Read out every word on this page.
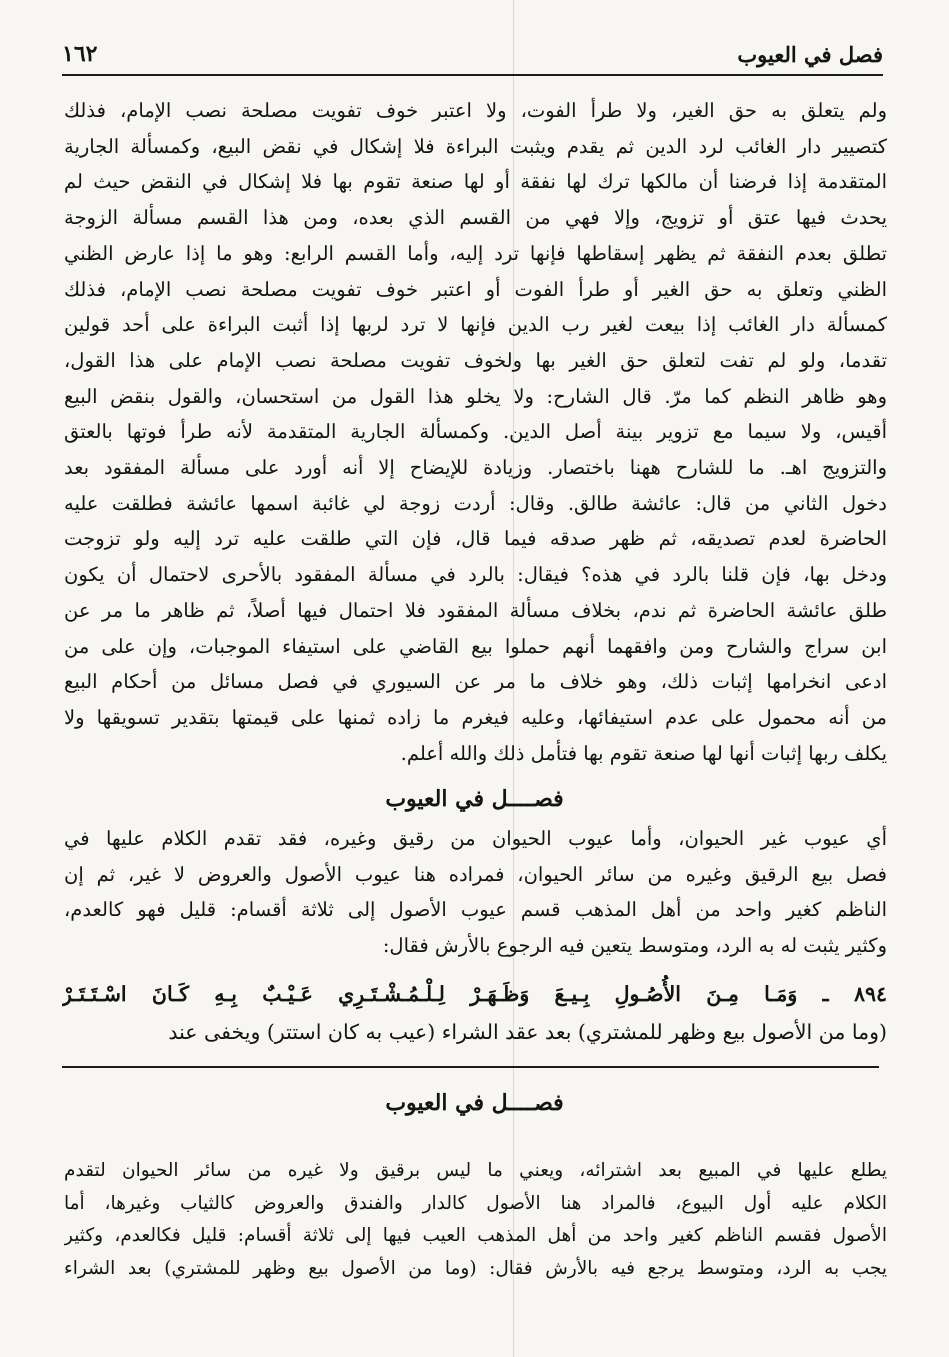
فصل في العيوب
١٦٢
ولم يتعلق به حق الغير، ولا طرأ الفوت، ولا اعتبر خوف تفويت مصلحة نصب الإمام، فذلك
كتصيير دار الغائب لرد الدين ثم يقدم ويثبت البراءة فلا إشكال في نقض البيع، وكمسألة الجارية
المتقدمة إذا فرضنا أن مالكها ترك لها نفقة أو لها صنعة تقوم بها فلا إشكال في النقض حيث لم
يحدث فيها عتق أو تزويج، وإلا فهي من القسم الذي بعده، ومن هذا القسم مسألة الزوجة
تطلق بعدم النفقة ثم يظهر إسقاطها فإنها ترد إليه، وأما القسم الرابع: وهو ما إذا عارض الظني
الظني وتعلق به حق الغير أو طرأ الفوت أو اعتبر خوف تفويت مصلحة نصب الإمام، فذلك
كمسألة دار الغائب إذا بيعت لغير رب الدين فإنها لا ترد لربها إذا أثبت البراءة على أحد قولين
تقدما، ولو لم تفت لتعلق حق الغير بها ولخوف تفويت مصلحة نصب الإمام على هذا القول،
وهو ظاهر النظم كما مرّ. قال الشارح: ولا يخلو هذا القول من استحسان، والقول بنقض البيع
أقيس، ولا سيما مع تزوير بينة أصل الدين. وكمسألة الجارية المتقدمة لأنه طرأ فوتها بالعتق
والتزويج اهـ. ما للشارح ههنا باختصار. وزيادة للإيضاح إلا أنه أورد على مسألة المفقود بعد
دخول الثاني من قال: عائشة طالق. وقال: أردت زوجة لي غائبة اسمها عائشة فطلقت عليه
الحاضرة لعدم تصديقه، ثم ظهر صدقه فيما قال، فإن التي طلقت عليه ترد إليه ولو تزوجت
ودخل بها، فإن قلنا بالرد في هذه؟ فيقال: بالرد في مسألة المفقود بالأحرى لاحتمال أن يكون
طلق عائشة الحاضرة ثم ندم، بخلاف مسألة المفقود فلا احتمال فيها أصلاً، ثم ظاهر ما مر عن
ابن سراج والشارح ومن وافقهما أنهم حملوا بيع القاضي على استيفاء الموجبات، وإن على من
ادعى انخرامها إثبات ذلك، وهو خلاف ما مر عن السيوري في فصل مسائل من أحكام البيع
من أنه محمول على عدم استيفائها، وعليه فيغرم ما زاده ثمنها على قيمتها بتقدير تسويقها ولا
يكلف ربها إثبات أنها لها صنعة تقوم بها فتأمل ذلك والله أعلم.
فصــــل في العيوب
أي عيوب غير الحيوان، وأما عيوب الحيوان من رقيق وغيره، فقد تقدم الكلام عليها في
فصل بيع الرقيق وغيره من سائر الحيوان، فمراده هنا عيوب الأصول والعروض لا غير، ثم إن
الناظم كغير واحد من أهل المذهب قسم عيوب الأصول إلى ثلاثة أقسام: قليل فهو كالعدم،
وكثير يثبت له به الرد، ومتوسط يتعين فيه الرجوع بالأرش فقال:
٨٩٤ ـ وَمَـا مِـنَ الأُصُـولِ بِـيـعَ وَظَـهَـرْ لِـلْـمُـشْـتَـرِي عَـيْـبٌ بِـهِ كَـانَ اسْـتَـتَـرْ
(وما من الأصول بيع وظهر للمشتري) بعد عقد الشراء (عيب به كان استتر) ويخفى عند
فصــــل في العيوب
يطلع عليها في المبيع بعد اشترائه، ويعني ما ليس برقيق ولا غيره من سائر الحيوان لتقدم
الكلام عليه أول البيوع، فالمراد هنا الأصول كالدار والفندق والعروض كالثياب وغيرها، أما
الأصول فقسم الناظم كغير واحد من أهل المذهب العيب فيها إلى ثلاثة أقسام: قليل فكالعدم، وكثير
يجب به الرد، ومتوسط يرجع فيه بالأرش فقال: (وما من الأصول بيع وظهر للمشتري) بعد الشراء
